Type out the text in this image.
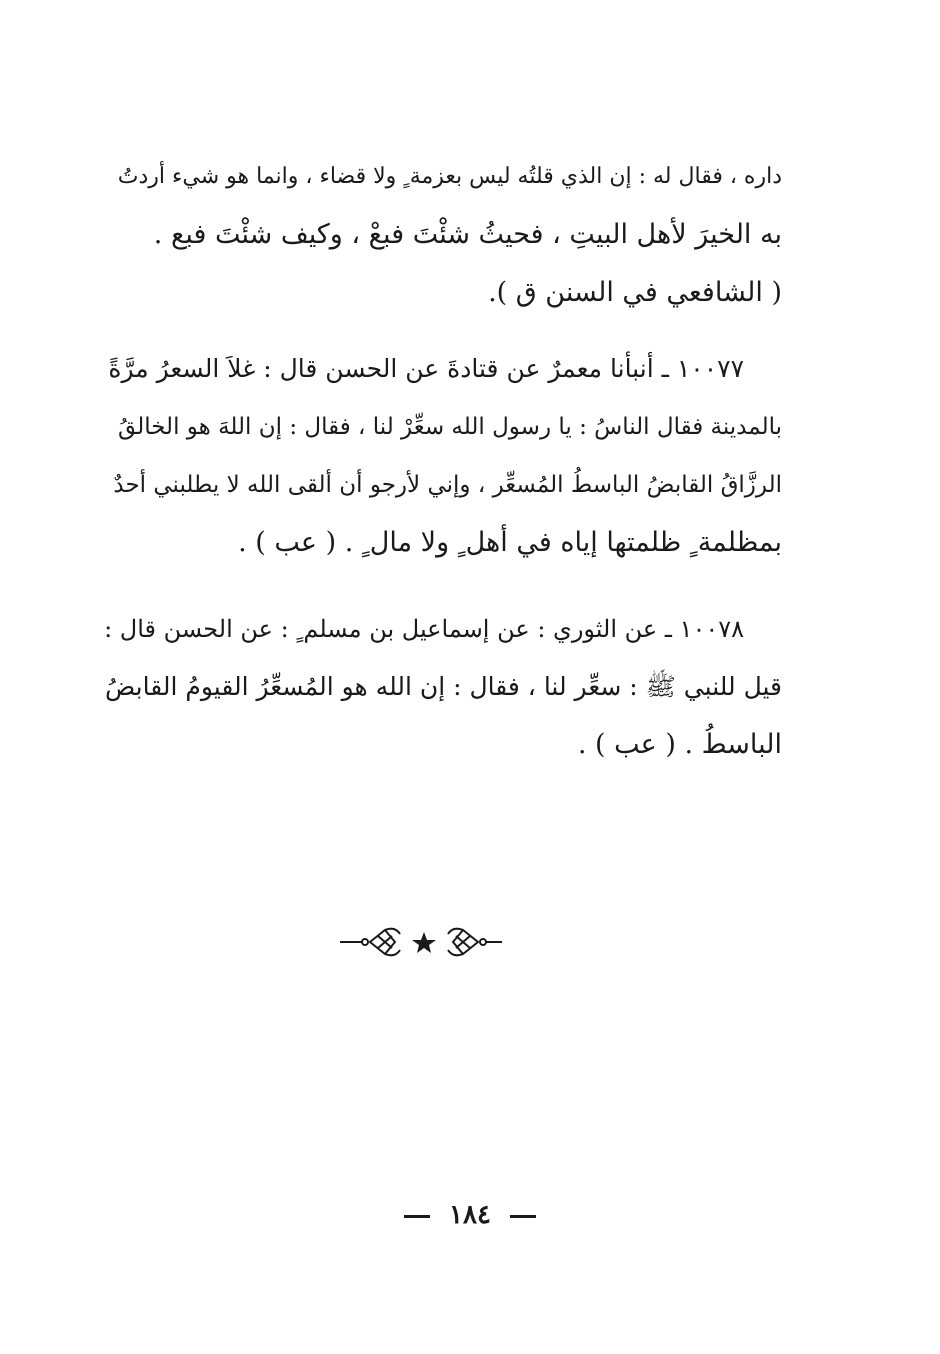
داره ، فقال له : إن الذي قلتُه ليس بعزمة ٍ ولا قضاء ، وانما هو شيء أردتُ
به الخيرَ لأهل البيتِ ، فحيثُ شئْتَ فبعْ ، وكيف شئْتَ فبع .
( الشافعي في السنن ق ).
١٠٠٧٧ ـ أنبأنا معمرٌ عن قتادةَ عن الحسن قال : غلاَ السعرُ مرَّةً
بالمدينة فقال الناسُ : يا رسول الله سعِّرْ لنا ، فقال : إن اللهَ هو الخالقُ
الرزَّاقُ القابضُ الباسطُ المُسعِّر ، وإني لأرجو أن ألقى الله لا يطلبني أحدٌ
بمظلمة ٍ ظلمتها إياه في أهل ٍ ولا مال ٍ . ( عب ) .
١٠٠٧٨ ـ عن الثوري : عن إسماعيل بن مسلم ٍ : عن الحسن قال :
قيل للنبي ﷺ : سعِّر لنا ، فقال : إن الله هو المُسعِّرُ القيومُ القابضُ
الباسطُ . ( عب ) .
١٨٤
